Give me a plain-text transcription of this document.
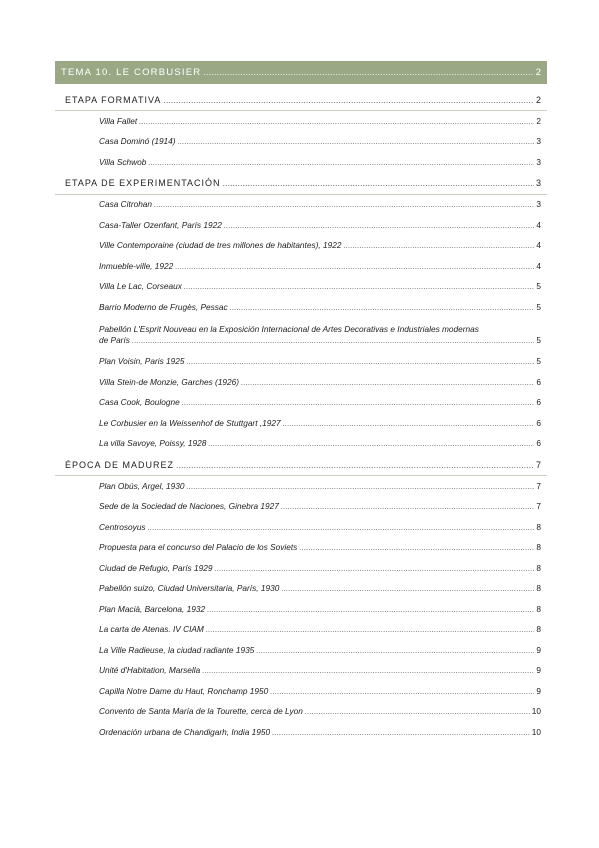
TEMA 10. LE CORBUSIER .....	2
ETAPA FORMATIVA .....	2
Villa Fallet .....	2
Casa Dominó (1914) .....	3
Villa Schwob .....	3
ETAPA DE EXPERIMENTACIÓN .....	3
Casa Citrohan .....	3
Casa-Taller Ozenfant, París 1922 .....	4
Ville Contemporaine (ciudad de tres millones de habitantes), 1922 .....	4
Inmueble-ville, 1922 .....	4
Villa Le Lac, Corseaux .....	5
Barrio Moderno de Frugès, Pessac .....	5
Pabellón L'Esprit Nouveau en la Exposición Internacional de Artes Decorativas e Industriales modernas
de París .....	5
Plan Voisin, Paris 1925 .....	5
Villa Stein-de Monzie, Garches (1926) .....	6
Casa Cook, Boulogne .....	6
Le Corbusier en la Weissenhof de Stuttgart ,1927 .....	6
La villa Savoye, Poissy, 1928 .....	6
ÉPOCA DE MADUREZ .....	7
Plan Obús, Argel, 1930 .....	7
Sede de la Sociedad de Naciones, Ginebra 1927 .....	7
Centrosoyus .....	8
Propuesta para el concurso del Palacio de los Soviets .....	8
Ciudad de Refugio, París 1929 .....	8
Pabellón suizo, Ciudad Universitaria, París, 1930 .....	8
Plan Macià, Barcelona, 1932 .....	8
La carta de Atenas. IV CIAM .....	8
La Ville Radieuse, la ciudad radiante 1935 .....	9
Unité d'Habitation, Marsella .....	9
Capilla Notre Dame du Haut, Ronchamp 1950 .....	9
Convento de Santa María de la Tourette, cerca de Lyon .....	10
Ordenación urbana de Chandigarh, India 1950 .....	10
